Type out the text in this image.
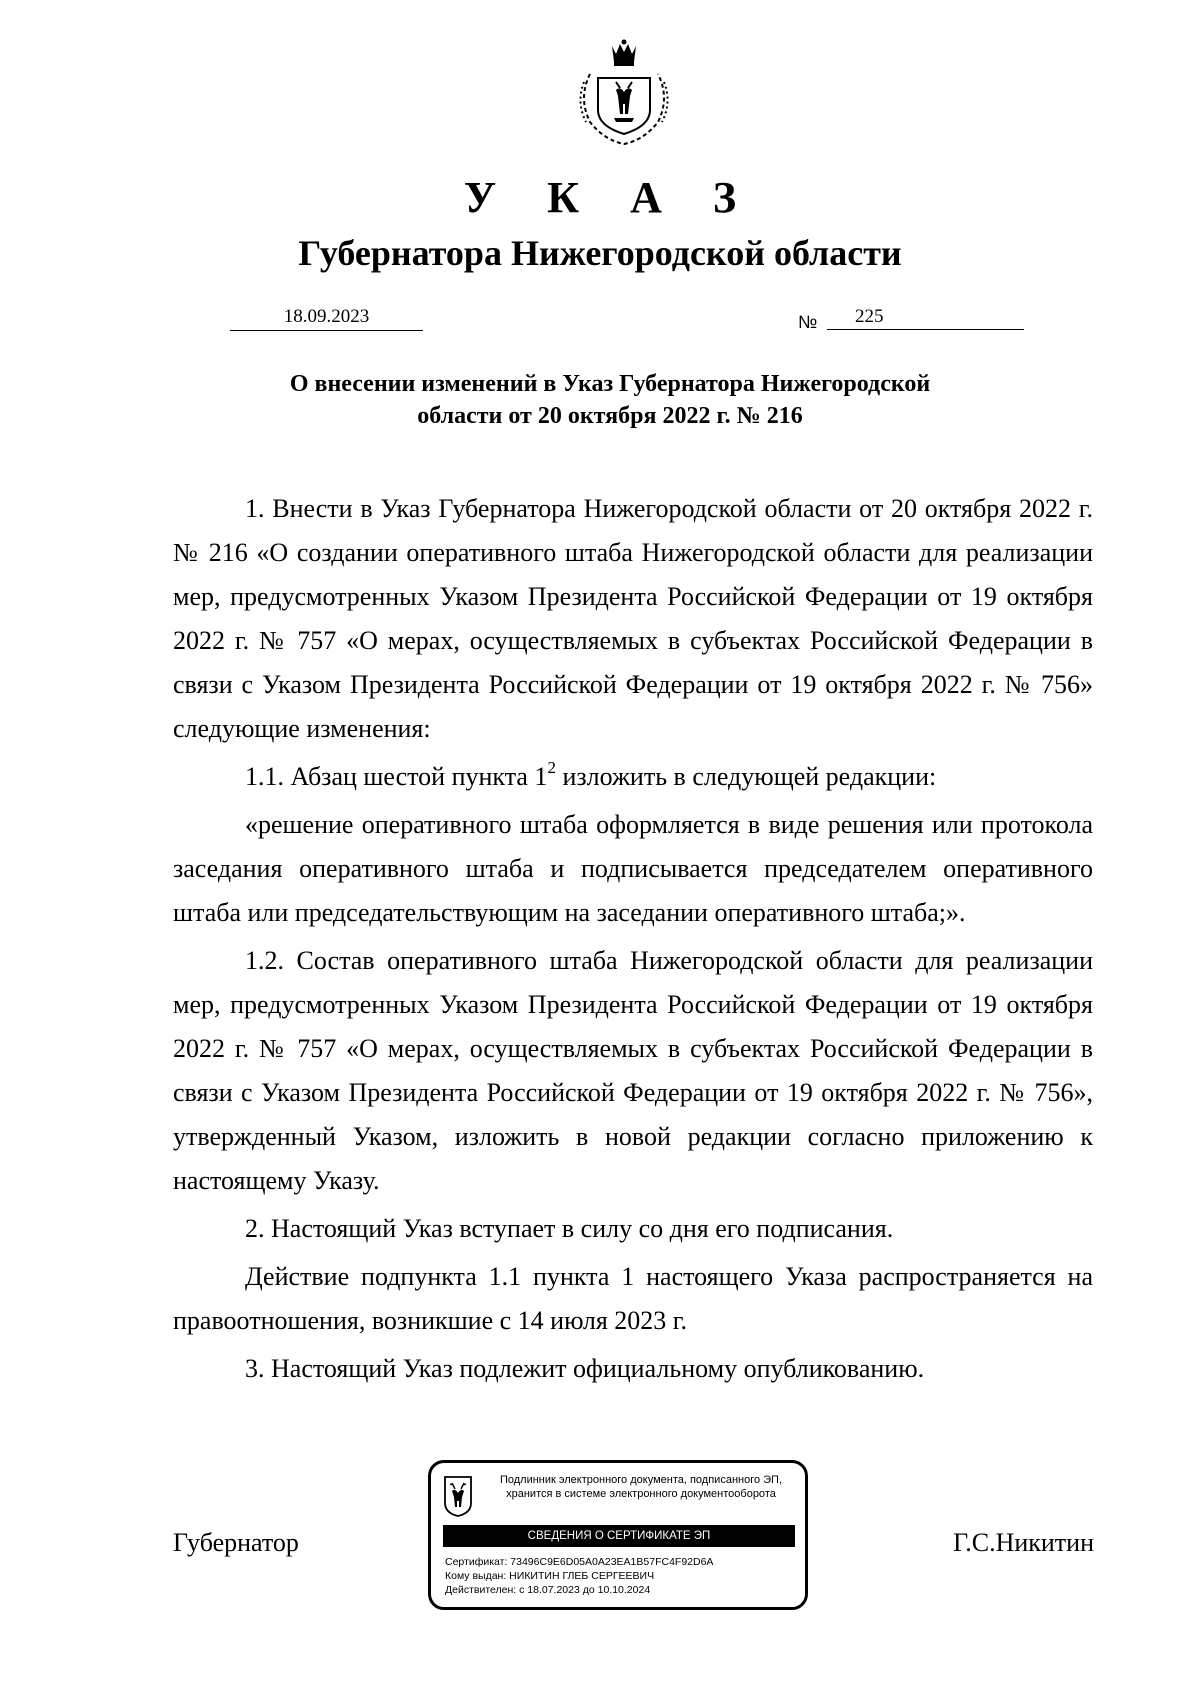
У К А З
Губернатора Нижегородской области
18.09.2023	№	225
О внесении изменений в Указ Губернатора Нижегородской
области от 20 октября 2022 г. № 216

1. Внести в Указ Губернатора Нижегородской области от 20 октября 2022 г. № 216 «О создании оперативного штаба Нижегородской области для реализации мер, предусмотренных Указом Президента Российской Федерации от 19 октября 2022 г. № 757 «О мерах, осуществляемых в субъектах Российской Федерации в связи с Указом Президента Российской Федерации от 19 октября 2022 г. № 756» следующие изменения:

1.1. Абзац шестой пункта $1^2$ изложить в следующей редакции:

«решение оперативного штаба оформляется в виде решения или протокола заседания оперативного штаба и подписывается председателем оперативного штаба или председательствующим на заседании оперативного штаба;».

1.2. Состав оперативного штаба Нижегородской области для реализации мер, предусмотренных Указом Президента Российской Федерации от 19 октября 2022 г. № 757 «О мерах, осуществляемых в субъектах Российской Федерации в связи с Указом Президента Российской Федерации от 19 октября 2022 г. № 756», утвержденный Указом, изложить в новой редакции согласно приложению к настоящему Указу.

2. Настоящий Указ вступает в силу со дня его подписания.

Действие подпункта 1.1 пункта 1 настоящего Указа распространяется на правоотношения, возникшие с 14 июля 2023 г.

3. Настоящий Указ подлежит официальному опубликованию.

Губернатор	Г.С.Никитин
Подлинник электронного документа, подписанного ЭП,
хранится в системе электронного документооборота
СВЕДЕНИЯ О СЕРТИФИКАТЕ ЭП
Сертификат: 73496C9E6D05A0A23EA1B57FC4F92D6A
Кому выдан: НИКИТИН ГЛЕБ СЕРГЕЕВИЧ
Действителен: с 18.07.2023 до 10.10.2024
